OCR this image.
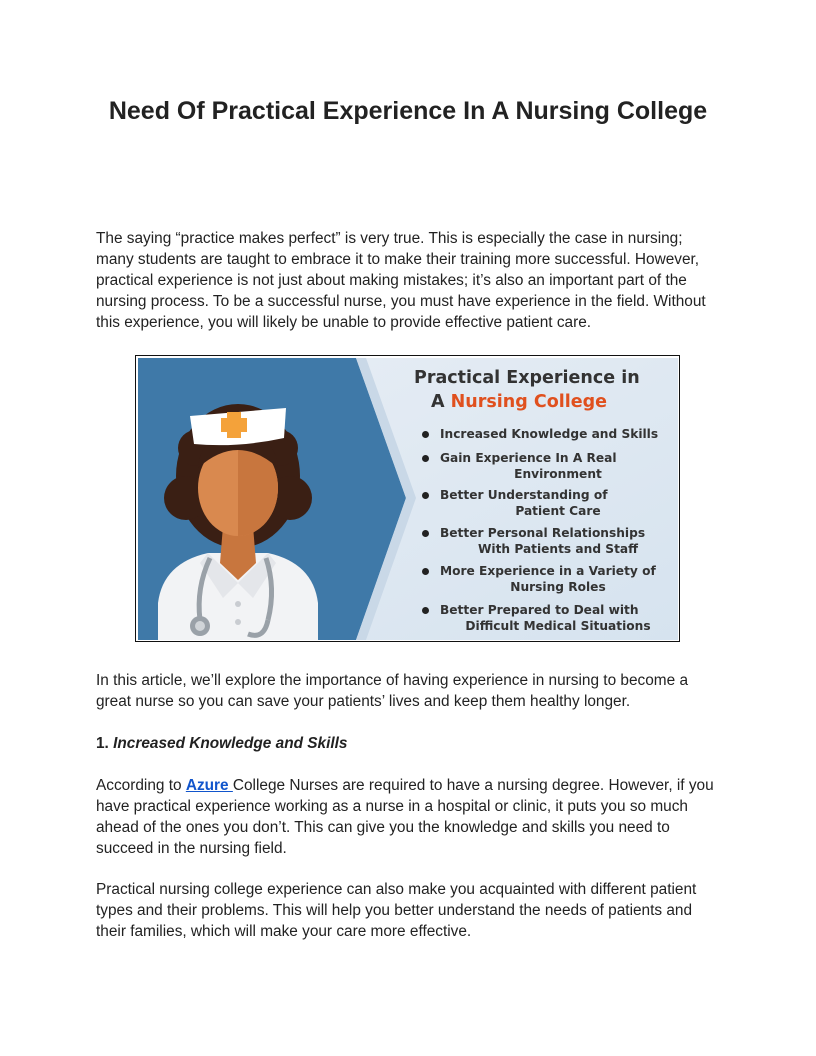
Need Of Practical Experience In A Nursing College

The saying “practice makes perfect” is very true. This is especially the case in nursing; many students are taught to embrace it to make their training more successful. However, practical experience is not just about making mistakes; it’s also an important part of the nursing process. To be a successful nurse, you must have experience in the field. Without this experience, you will likely be unable to provide effective patient care.

In this article, we’ll explore the importance of having experience in nursing to become a great nurse so you can save your patients’ lives and keep them healthy longer.

1. Increased Knowledge and Skills

According to Azure College Nurses are required to have a nursing degree. However, if you have practical experience working as a nurse in a hospital or clinic, it puts you so much ahead of the ones you don’t. This can give you the knowledge and skills you need to succeed in the nursing field.

Practical nursing college experience can also make you acquainted with different patient types and their problems. This will help you better understand the needs of patients and their families, which will make your care more effective.

Practical Experience in
A Nursing College
Increased Knowledge and Skills
Gain Experience In A Real
Environment
Better Understanding of
Patient Care
Better Personal Relationships
With Patients and Staff
More Experience in a Variety of
Nursing Roles
Better Prepared to Deal with
Difficult Medical Situations
